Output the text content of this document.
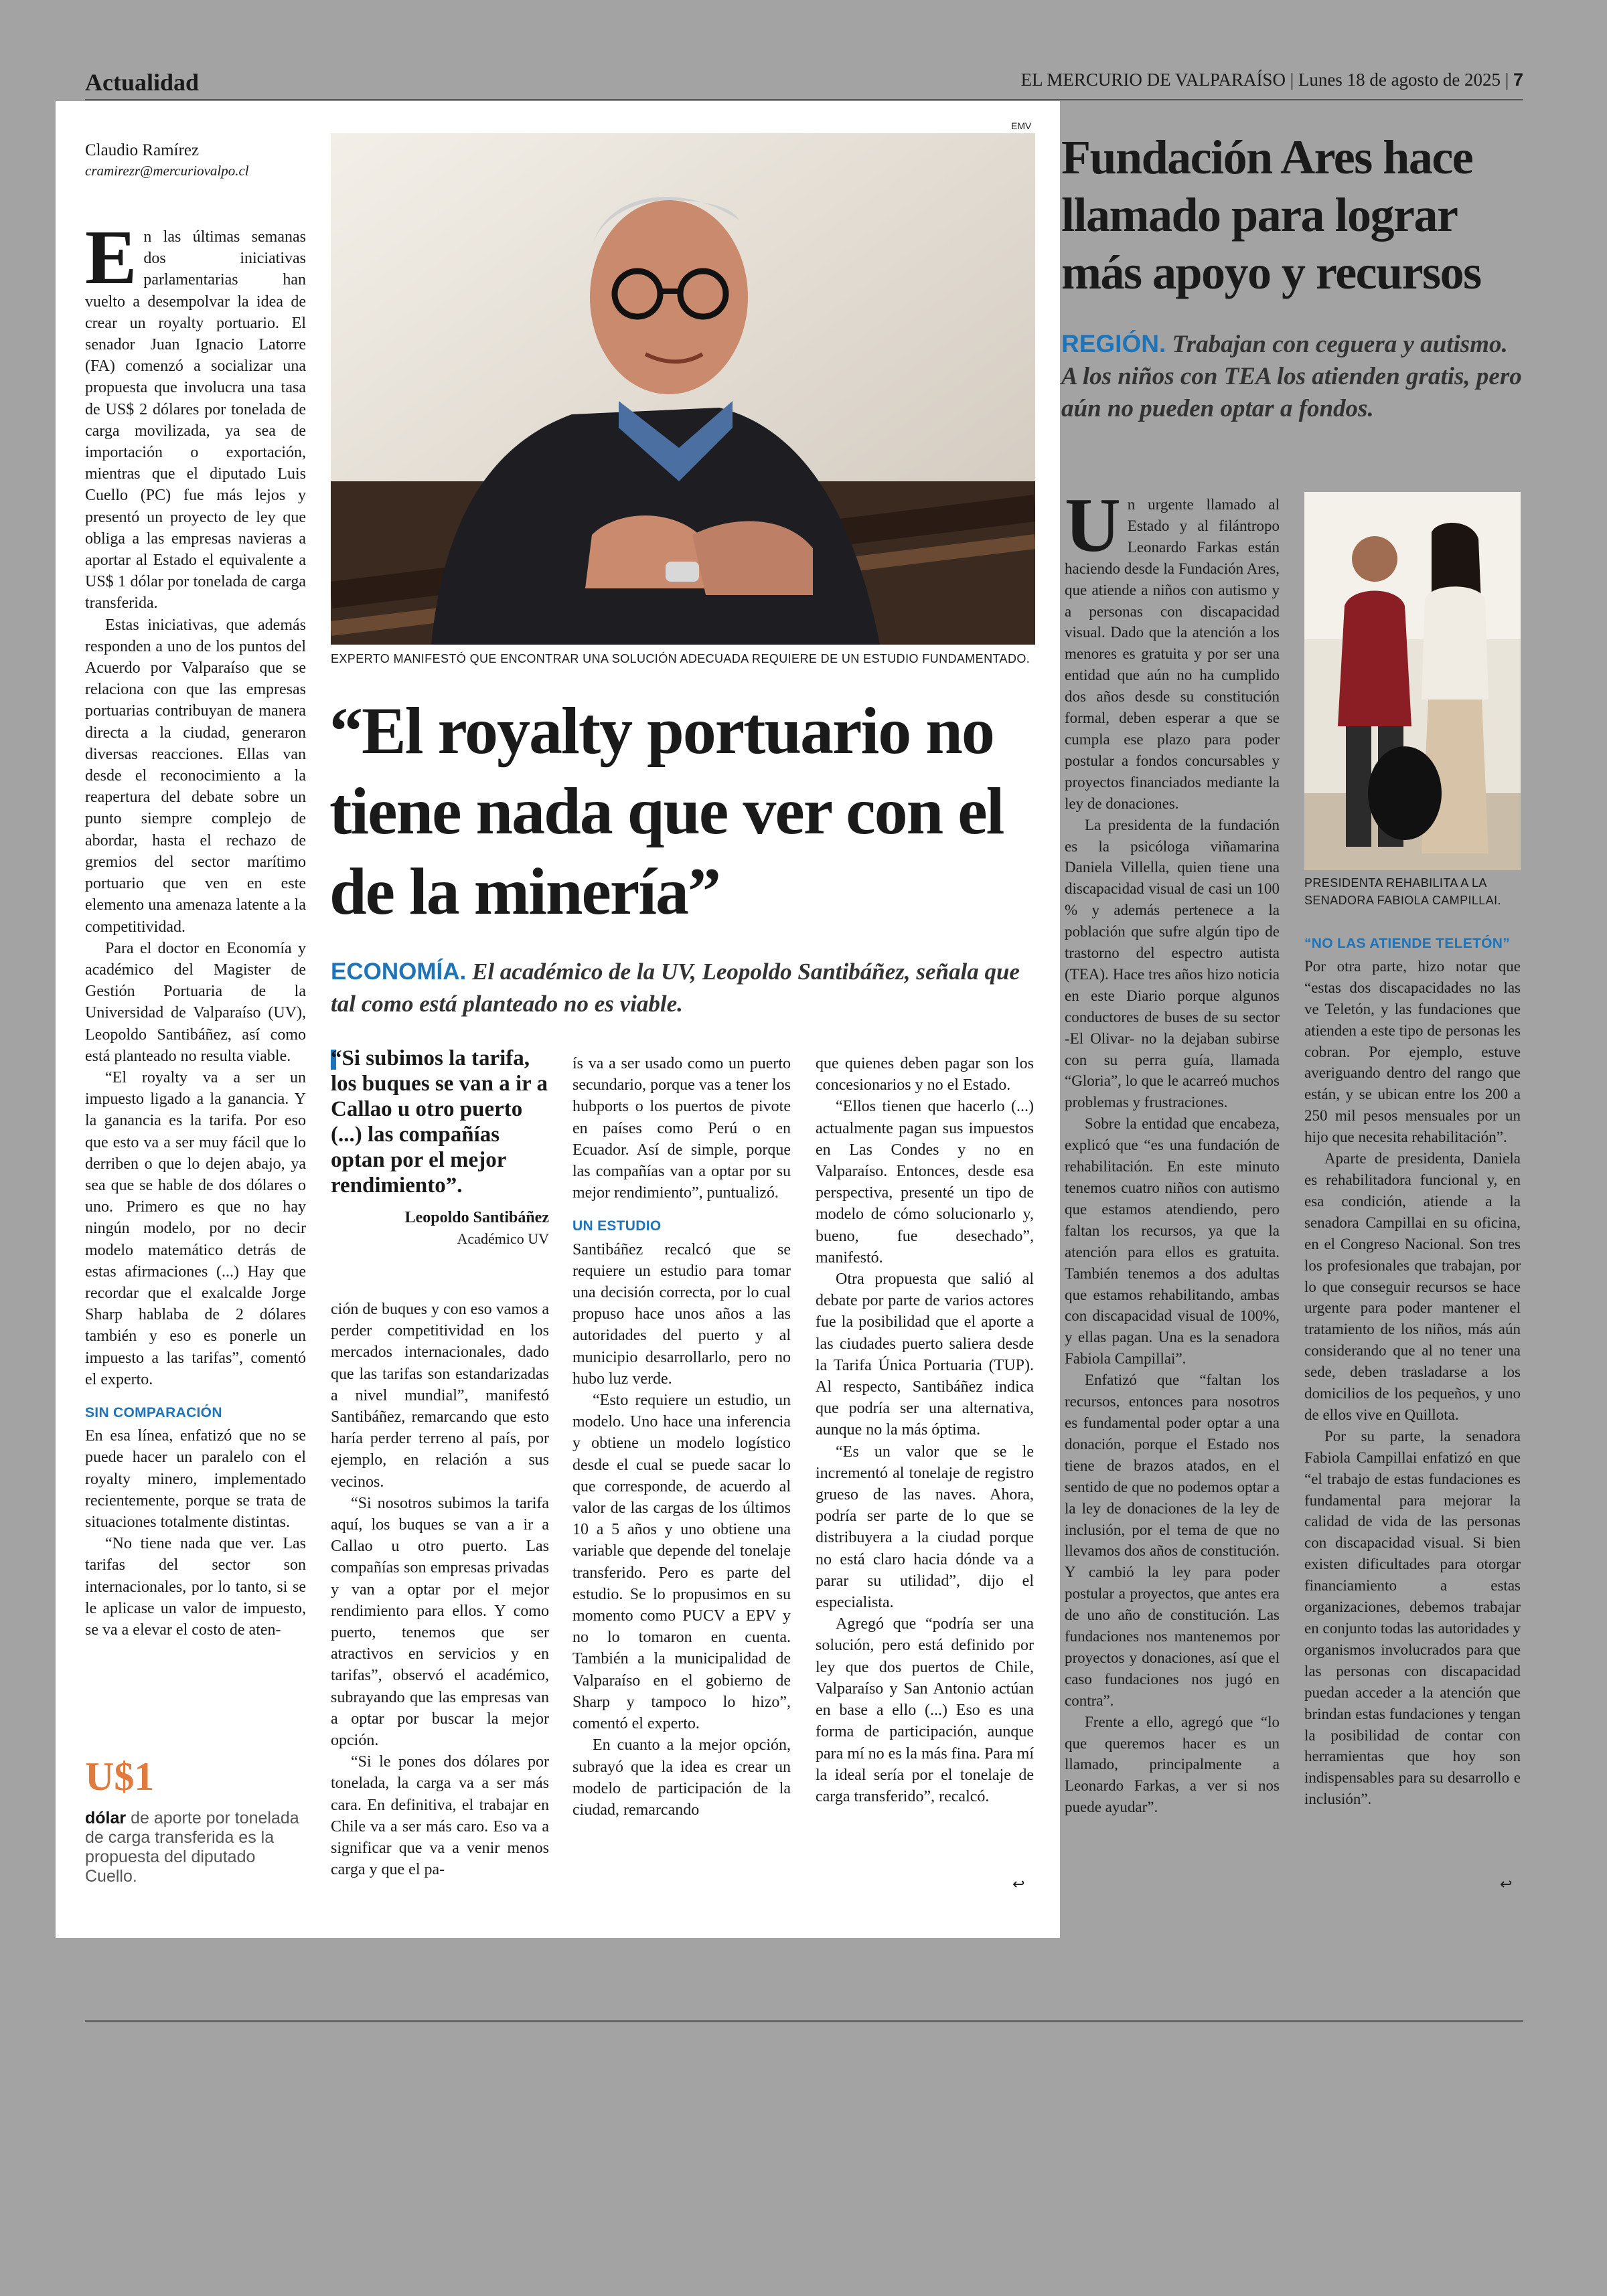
Actualidad	EL MERCURIO DE VALPARAÍSO | Lunes 18 de agosto de 2025 | 7
Claudio Ramírez
cramirezr@mercuriovalpo.cl
E n las últimas semanas dos iniciativas parlamentarias han vuelto a desempolvar la idea de crear un royalty portuario. El senador Juan Ignacio Latorre (FA) comenzó a socializar una propuesta que involucra una tasa de US$ 2 dólares por tonelada de carga movilizada, ya sea de importación o exportación, mientras que el diputado Luis Cuello (PC) fue más lejos y presentó un proyecto de ley que obliga a las empresas navieras a aportar al Estado el equivalente a US$ 1 dólar por tonelada de carga transferida.

Estas iniciativas, que además responden a uno de los puntos del Acuerdo por Valparaíso que se relaciona con que las empresas portuarias contribuyan de manera directa a la ciudad, generaron diversas reacciones. Ellas van desde el reconocimiento a la reapertura del debate sobre un punto siempre complejo de abordar, hasta el rechazo de gremios del sector marítimo portuario que ven en este elemento una amenaza latente a la competitividad.

Para el doctor en Economía y académico del Magister de Gestión Portuaria de la Universidad de Valparaíso (UV), Leopoldo Santibáñez, así como está planteado no resulta viable.

“El royalty va a ser un impuesto ligado a la ganancia. Y la ganancia es la tarifa. Por eso que esto va a ser muy fácil que lo derriben o que lo dejen abajo, ya sea que se hable de dos dólares o uno. Primero es que no hay ningún modelo, por no decir modelo matemático detrás de estas afirmaciones (...) Hay que recordar que el exalcalde Jorge Sharp hablaba de 2 dólares también y eso es ponerle un impuesto a las tarifas”, comentó el experto.

SIN COMPARACIÓN

En esa línea, enfatizó que no se puede hacer un paralelo con el royalty minero, implementado recientemente, porque se trata de situaciones totalmente distintas.

“No tiene nada que ver. Las tarifas del sector son internacionales, por lo tanto, si se le aplicase un valor de impuesto, se va a elevar el costo de aten-

U$1
dólar de aporte por tonelada de carga transferida es la propuesta del diputado Cuello.
EMV
EXPERTO MANIFESTÓ QUE ENCONTRAR UNA SOLUCIÓN ADECUADA REQUIERE DE UN ESTUDIO FUNDAMENTADO.
“El royalty portuario no tiene nada que ver con el de la minería”
ECONOMÍA. El académico de la UV, Leopoldo Santibáñez, señala que tal como está planteado no es viable.
“Si subimos la tarifa, los buques se van a ir a Callao u otro puerto (...) las compañías optan por el mejor rendimiento”.
Leopoldo Santibáñez
Académico UV

ción de buques y con eso vamos a perder competitividad en los mercados internacionales, dado que las tarifas son estandarizadas a nivel mundial”, manifestó Santibáñez, remarcando que esto haría perder terreno al país, por ejemplo, en relación a sus vecinos.

“Si nosotros subimos la tarifa aquí, los buques se van a ir a Callao u otro puerto. Las compañías son empresas privadas y van a optar por el mejor rendimiento para ellos. Y como puerto, tenemos que ser atractivos en servicios y en tarifas”, observó el académico, subrayando que las empresas van a optar por buscar la mejor opción.

“Si le pones dos dólares por tonelada, la carga va a ser más cara. En definitiva, el trabajar en Chile va a ser más caro. Eso va a significar que va a venir menos carga y que el pa-

ís va a ser usado como un puerto secundario, porque vas a tener los hubports o los puertos de pivote en países como Perú o en Ecuador. Así de simple, porque las compañías van a optar por su mejor rendimiento”, puntualizó.

UN ESTUDIO

Santibáñez recalcó que se requiere un estudio para tomar una decisión correcta, por lo cual propuso hace unos años a las autoridades del puerto y al municipio desarrollarlo, pero no hubo luz verde.

“Esto requiere un estudio, un modelo. Uno hace una inferencia y obtiene un modelo logístico desde el cual se puede sacar lo que corresponde, de acuerdo al valor de las cargas de los últimos 10 a 5 años y uno obtiene una variable que depende del tonelaje transferido. Pero es parte del estudio. Se lo propusimos en su momento como PUCV a EPV y no lo tomaron en cuenta. También a la municipalidad de Valparaíso en el gobierno de Sharp y tampoco lo hizo”, comentó el experto.

En cuanto a la mejor opción, subrayó que la idea es crear un modelo de participación de la ciudad, remarcando

que quienes deben pagar son los concesionarios y no el Estado.

“Ellos tienen que hacerlo (...) actualmente pagan sus impuestos en Las Condes y no en Valparaíso. Entonces, desde esa perspectiva, presenté un tipo de modelo de cómo solucionarlo y, bueno, fue desechado”, manifestó.

Otra propuesta que salió al debate por parte de varios actores fue la posibilidad que el aporte a las ciudades puerto saliera desde la Tarifa Única Portuaria (TUP). Al respecto, Santibáñez indica que podría ser una alternativa, aunque no la más óptima.

“Es un valor que se le incrementó al tonelaje de registro grueso de las naves. Ahora, podría ser parte de lo que se distribuyera a la ciudad porque no está claro hacia dónde va a parar su utilidad”, dijo el especialista.

Agregó que “podría ser una solución, pero está definido por ley que dos puertos de Chile, Valparaíso y San Antonio actúan en base a ello (...) Eso es una forma de participación, aunque para mí no es la más fina. Para mí la ideal sería por el tonelaje de carga transferido”, recalcó.

↩
Fundación Ares hace llamado para lograr más apoyo y recursos
REGIÓN. Trabajan con ceguera y autismo. A los niños con TEA los atienden gratis, pero aún no pueden optar a fondos.
PRESIDENTA REHABILITA A LA SENADORA FABIOLA CAMPILLAI.
U n urgente llamado al Estado y al filántropo Leonardo Farkas están haciendo desde la Fundación Ares, que atiende a niños con autismo y a personas con discapacidad visual. Dado que la atención a los menores es gratuita y por ser una entidad que aún no ha cumplido dos años desde su constitución formal, deben esperar a que se cumpla ese plazo para poder postular a fondos concursables y proyectos financiados mediante la ley de donaciones.

La presidenta de la fundación es la psicóloga viñamarina Daniela Villella, quien tiene una discapacidad visual de casi un 100 % y además pertenece a la población que sufre algún tipo de trastorno del espectro autista (TEA). Hace tres años hizo noticia en este Diario porque algunos conductores de buses de su sector -El Olivar- no la dejaban subirse con su perra guía, llamada “Gloria”, lo que le acarreó muchos problemas y frustraciones.

Sobre la entidad que encabeza, explicó que “es una fundación de rehabilitación. En este minuto tenemos cuatro niños con autismo que estamos atendiendo, pero faltan los recursos, ya que la atención para ellos es gratuita. También tenemos a dos adultas que estamos rehabilitando, ambas con discapacidad visual de 100%, y ellas pagan. Una es la senadora Fabiola Campillai”.

Enfatizó que “faltan los recursos, entonces para nosotros es fundamental poder optar a una donación, porque el Estado nos tiene de brazos atados, en el sentido de que no podemos optar a la ley de donaciones de la ley de inclusión, por el tema de que no llevamos dos años de constitución. Y cambió la ley para poder postular a proyectos, que antes era de uno año de constitución. Las fundaciones nos mantenemos por proyectos y donaciones, así que el caso fundaciones nos jugó en contra”.

Frente a ello, agregó que “lo que queremos hacer es un llamado, principalmente a Leonardo Farkas, a ver si nos puede ayudar”.

“NO LAS ATIENDE TELETÓN”

Por otra parte, hizo notar que “estas dos discapacidades no las ve Teletón, y las fundaciones que atienden a este tipo de personas les cobran. Por ejemplo, estuve averiguando dentro del rango que están, y se ubican entre los 200 a 250 mil pesos mensuales por un hijo que necesita rehabilitación”.

Aparte de presidenta, Daniela es rehabilitadora funcional y, en esa condición, atiende a la senadora Campillai en su oficina, en el Congreso Nacional. Son tres los profesionales que trabajan, por lo que conseguir recursos se hace urgente para poder mantener el tratamiento de los niños, más aún considerando que al no tener una sede, deben trasladarse a los domicilios de los pequeños, y uno de ellos vive en Quillota.

Por su parte, la senadora Fabiola Campillai enfatizó en que “el trabajo de estas fundaciones es fundamental para mejorar la calidad de vida de las personas con discapacidad visual. Si bien existen dificultades para otorgar financiamiento a estas organizaciones, debemos trabajar en conjunto todas las autoridades y organismos involucrados para que las personas con discapacidad puedan acceder a la atención que brindan estas fundaciones y tengan la posibilidad de contar con herramientas que hoy son indispensables para su desarrollo e inclusión”.

↩
